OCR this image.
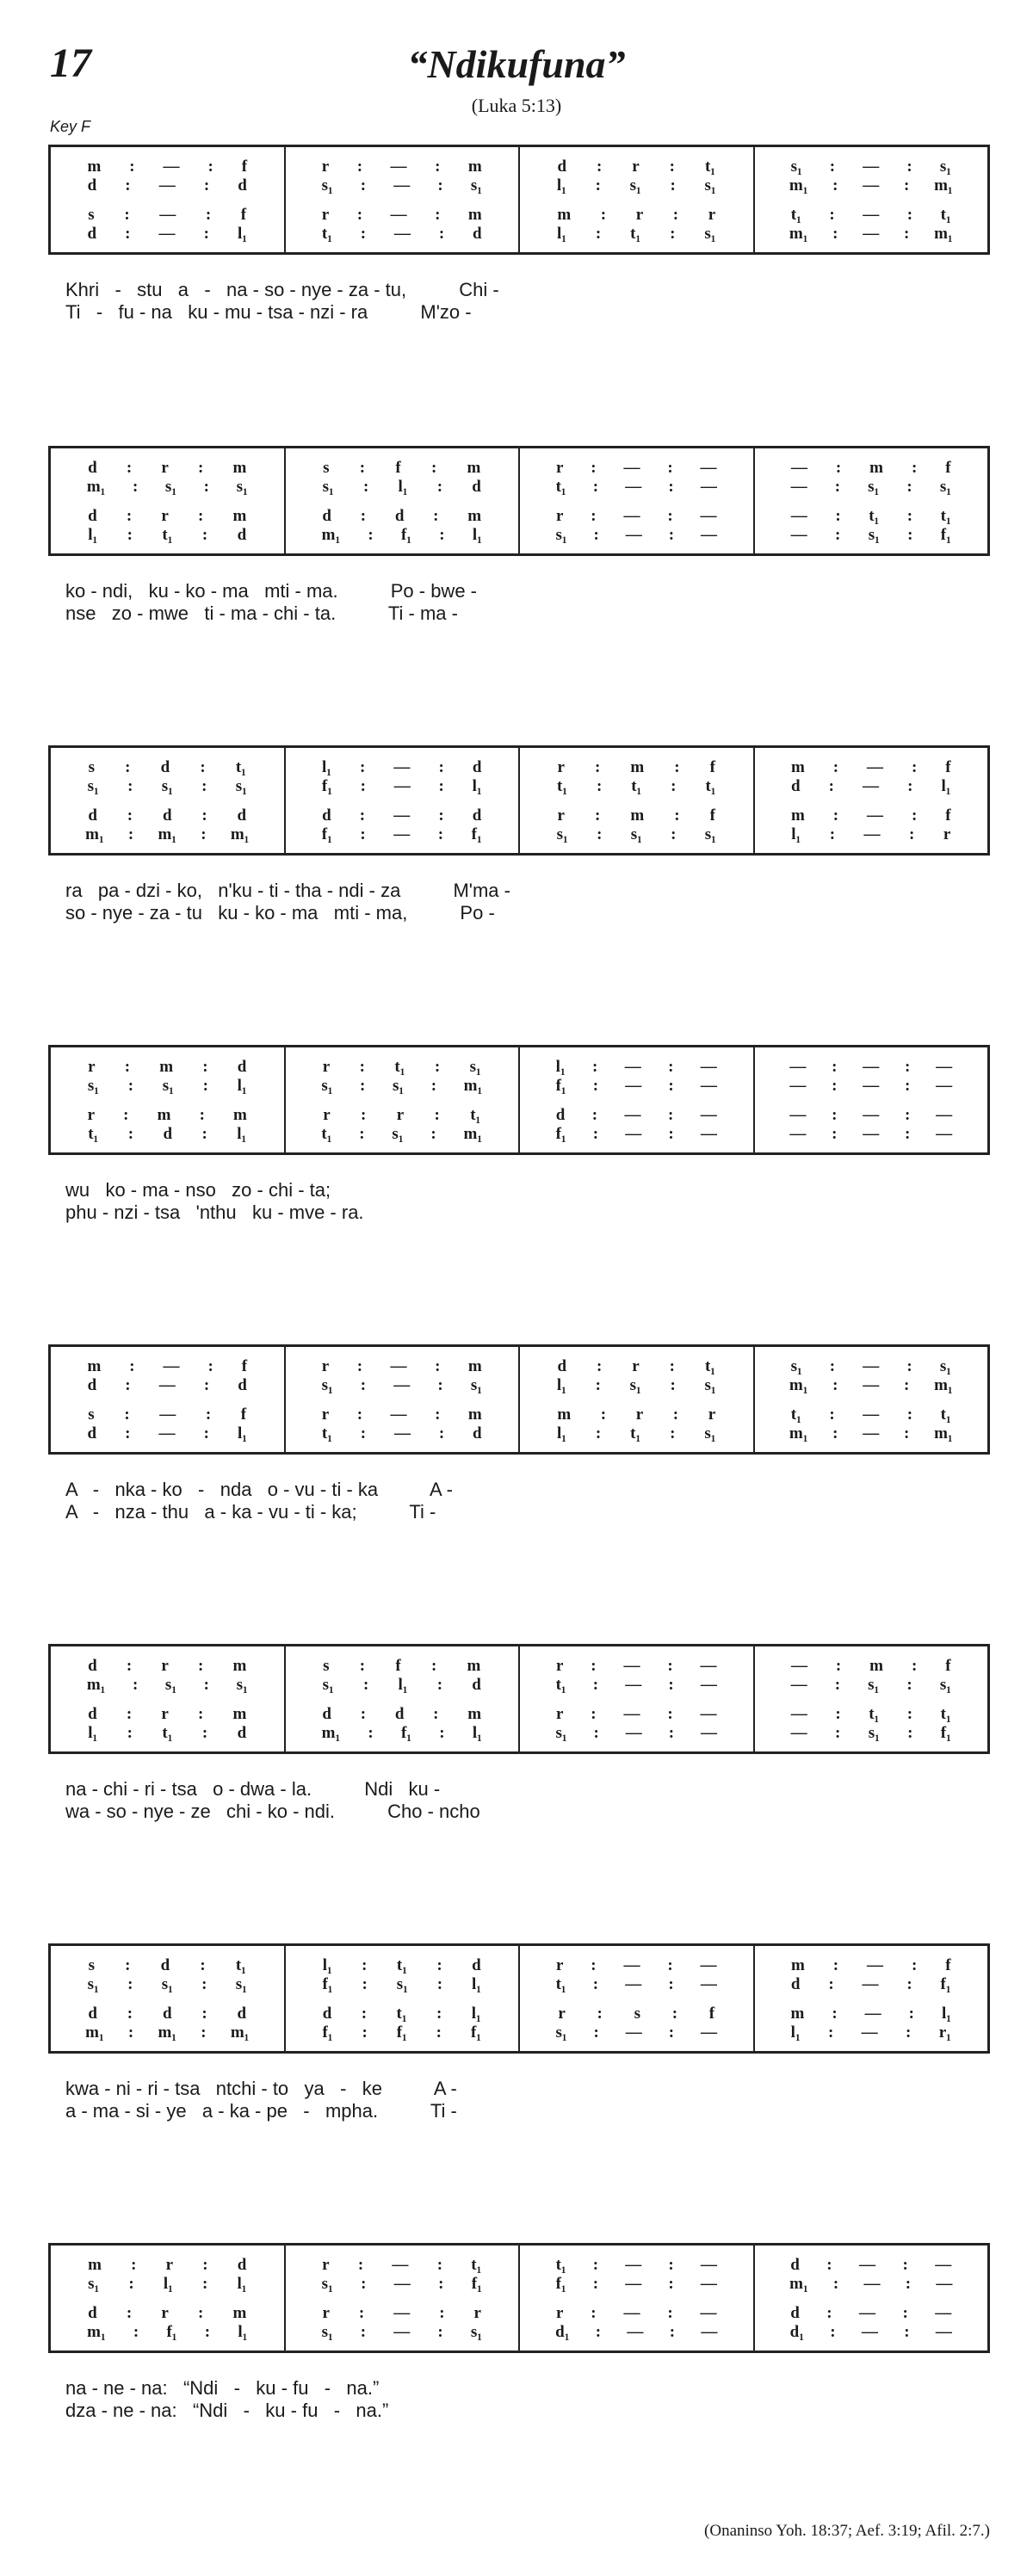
17	“Ndikufuna”
(Luka 5:13)
Key F
m : — : f
d : — : d
s : — : f
d : — : l₁
r : — : m
s₁ : — : s₁
r : — : m
t₁ : — : d
d : r : t₁
l₁ : s₁ : s₁
m : r : r
l₁ : t₁ : s₁
s₁ : — : s₁
m₁ : — : m₁
t₁ : — : t₁
m₁ : — : m₁
Khri   -   stu   a   -   na - so - nye - za - tu,          Chi -
Ti   -   fu - na   ku - mu - tsa - nzi - ra          M'zo -
d : r : m
m₁ : s₁ : s₁
d : r : m
l₁ : t₁ : d
s : f : m
s₁ : l₁ : d
d : d : m
m₁ : f₁ : l₁
r : — : —
t₁ : — : —
r : — : —
s₁ : — : —
— : m : f
— : s₁ : s₁
— : t₁ : t₁
— : s₁ : f₁
ko - ndi,   ku - ko - ma   mti - ma.          Po - bwe -
nse   zo - mwe   ti - ma - chi - ta.          Ti - ma -
s : d : t₁
s₁ : s₁ : s₁
d : d : d
m₁ : m₁ : m₁
l₁ : — : d
f₁ : — : l₁
d : — : d
f₁ : — : f₁
r : m : f
t₁ : t₁ : t₁
r : m : f
s₁ : s₁ : s₁
m : — : f
d : — : l₁
m : — : f
l₁ : — : r
ra   pa - dzi - ko,   n'ku - ti - tha - ndi - za          M'ma -
so - nye - za - tu   ku - ko - ma   mti - ma,          Po -
r : m : d
s₁ : s₁ : l₁
r : m : m
t₁ : d : l₁
r : t₁ : s₁
s₁ : s₁ : m₁
r : r : t₁
t₁ : s₁ : m₁
l₁ : — : —
f₁ : — : —
d : — : —
f₁ : — : —
— : — : —
— : — : —
— : — : —
— : — : —
wu   ko - ma - nso   zo - chi - ta;
phu - nzi - tsa   'nthu   ku - mve - ra.
m : — : f
d : — : d
s : — : f
d : — : l₁
r : — : m
s₁ : — : s₁
r : — : m
t₁ : — : d
d : r : t₁
l₁ : s₁ : s₁
m : r : r
l₁ : t₁ : s₁
s₁ : — : s₁
m₁ : — : m₁
t₁ : — : t₁
m₁ : — : m₁
A   -   nka - ko   -   nda   o - vu - ti - ka          A -
A   -   nza - thu   a - ka - vu - ti - ka;          Ti -
d : r : m
m₁ : s₁ : s₁
d : r : m
l₁ : t₁ : d
s : f : m
s₁ : l₁ : d
d : d : m
m₁ : f₁ : l₁
r : — : —
t₁ : — : —
r : — : —
s₁ : — : —
— : m : f
— : s₁ : s₁
— : t₁ : t₁
— : s₁ : f₁
na - chi - ri - tsa   o - dwa - la.          Ndi   ku -
wa - so - nye - ze   chi - ko - ndi.          Cho - ncho
s : d : t₁
s₁ : s₁ : s₁
d : d : d
m₁ : m₁ : m₁
l₁ : t₁ : d
f₁ : s₁ : l₁
d : t₁ : l₁
f₁ : f₁ : f₁
r : — : —
t₁ : — : —
r : s : f
s₁ : — : —
m : — : f
d : — : f₁
m : — : l₁
l₁ : — : r₁
kwa - ni - ri - tsa   ntchi - to   ya   -   ke          A -
a - ma - si - ye   a - ka - pe   -   mpha.          Ti -
m : r : d
s₁ : l₁ : l₁
d : r : m
m₁ : f₁ : l₁
r : — : t₁
s₁ : — : f₁
r : — : r
s₁ : — : s₁
t₁ : — : —
f₁ : — : —
r : — : —
d₁ : — : —
d : — : —
m₁ : — : —
d : — : —
d₁ : — : —
na - ne - na:   “Ndi   -   ku - fu   -   na.”
dza - ne - na:   “Ndi   -   ku - fu   -   na.”
(Onaninso Yoh. 18:37; Aef. 3:19; Afil. 2:7.)
